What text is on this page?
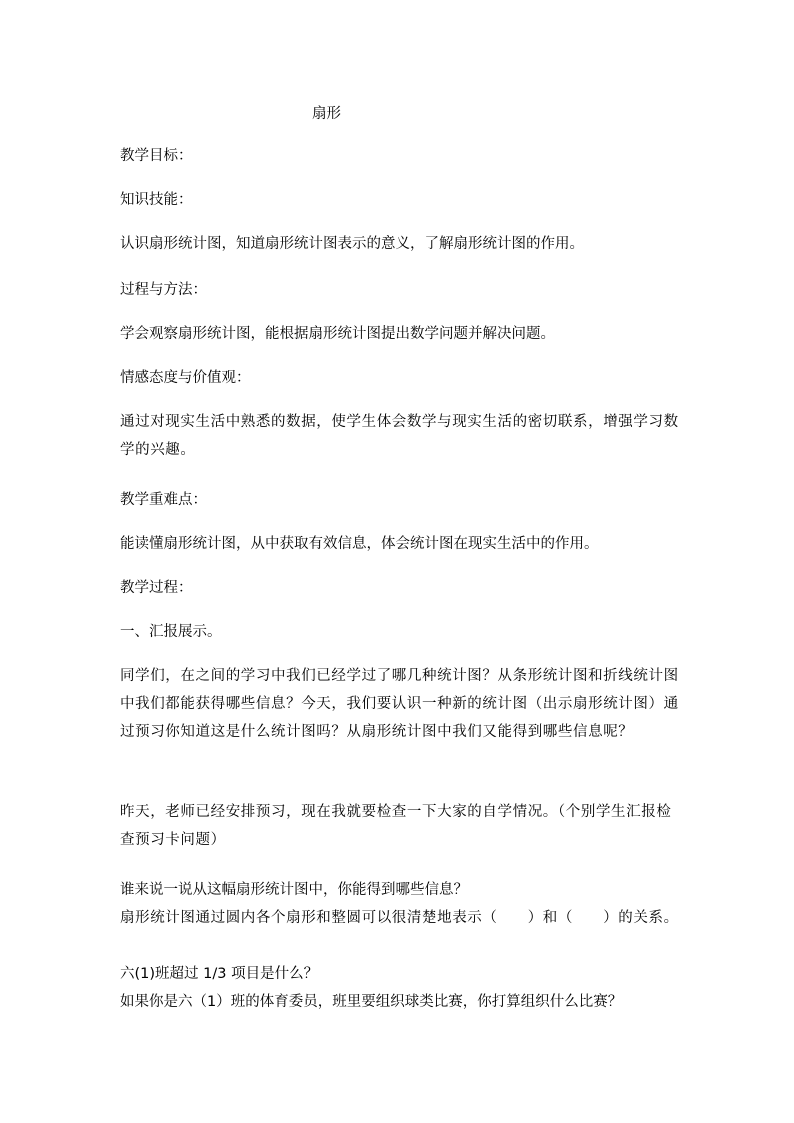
扇形
教学目标：
知识技能：
认识扇形统计图，知道扇形统计图表示的意义，了解扇形统计图的作用。
过程与方法：
学会观察扇形统计图，能根据扇形统计图提出数学问题并解决问题。
情感态度与价值观：
通过对现实生活中熟悉的数据，使学生体会数学与现实生活的密切联系，增强学习数学的兴趣。
教学重难点：
能读懂扇形统计图，从中获取有效信息，体会统计图在现实生活中的作用。
教学过程：
一、汇报展示。
同学们，在之间的学习中我们已经学过了哪几种统计图？从条形统计图和折线统计图中我们都能获得哪些信息？今天，我们要认识一种新的统计图（出示扇形统计图）通过预习你知道这是什么统计图吗？从扇形统计图中我们又能得到哪些信息呢？
昨天，老师已经安排预习，现在我就要检查一下大家的自学情况。（个别学生汇报检查预习卡问题）
谁来说一说从这幅扇形统计图中，你能得到哪些信息？
扇形统计图通过圆内各个扇形和整圆可以很清楚地表示（　　）和（　　）的关系。
六(1)班超过 1/3 项目是什么？
如果你是六（1）班的体育委员，班里要组织球类比赛，你打算组织什么比赛？
